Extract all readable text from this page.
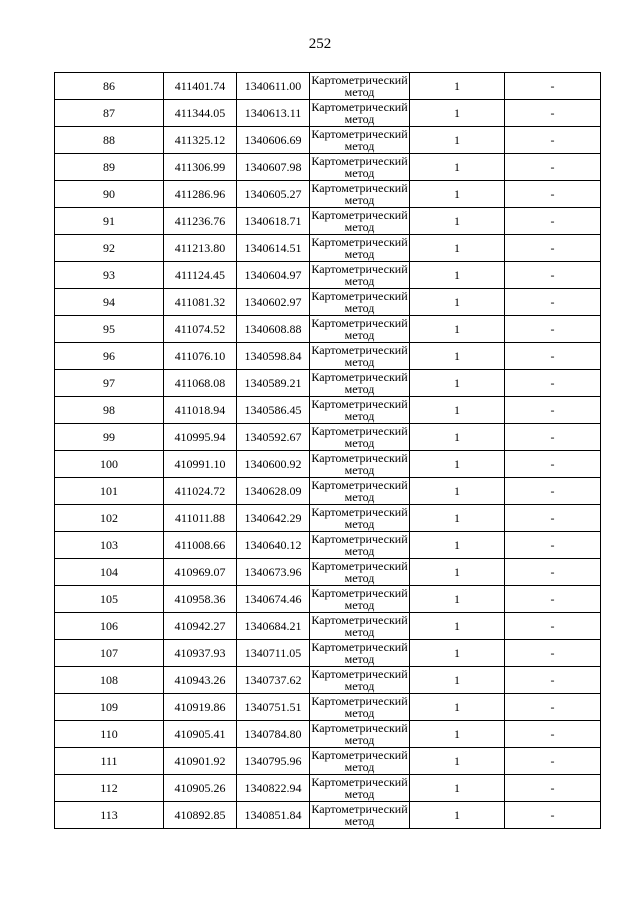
252
86	411401.74	1340611.00	Картометрический метод	1	-
87	411344.05	1340613.11	Картометрический метод	1	-
88	411325.12	1340606.69	Картометрический метод	1	-
89	411306.99	1340607.98	Картометрический метод	1	-
90	411286.96	1340605.27	Картометрический метод	1	-
91	411236.76	1340618.71	Картометрический метод	1	-
92	411213.80	1340614.51	Картометрический метод	1	-
93	411124.45	1340604.97	Картометрический метод	1	-
94	411081.32	1340602.97	Картометрический метод	1	-
95	411074.52	1340608.88	Картометрический метод	1	-
96	411076.10	1340598.84	Картометрический метод	1	-
97	411068.08	1340589.21	Картометрический метод	1	-
98	411018.94	1340586.45	Картометрический метод	1	-
99	410995.94	1340592.67	Картометрический метод	1	-
100	410991.10	1340600.92	Картометрический метод	1	-
101	411024.72	1340628.09	Картометрический метод	1	-
102	411011.88	1340642.29	Картометрический метод	1	-
103	411008.66	1340640.12	Картометрический метод	1	-
104	410969.07	1340673.96	Картометрический метод	1	-
105	410958.36	1340674.46	Картометрический метод	1	-
106	410942.27	1340684.21	Картометрический метод	1	-
107	410937.93	1340711.05	Картометрический метод	1	-
108	410943.26	1340737.62	Картометрический метод	1	-
109	410919.86	1340751.51	Картометрический метод	1	-
110	410905.41	1340784.80	Картометрический метод	1	-
111	410901.92	1340795.96	Картометрический метод	1	-
112	410905.26	1340822.94	Картометрический метод	1	-
113	410892.85	1340851.84	Картометрический метод	1	-
